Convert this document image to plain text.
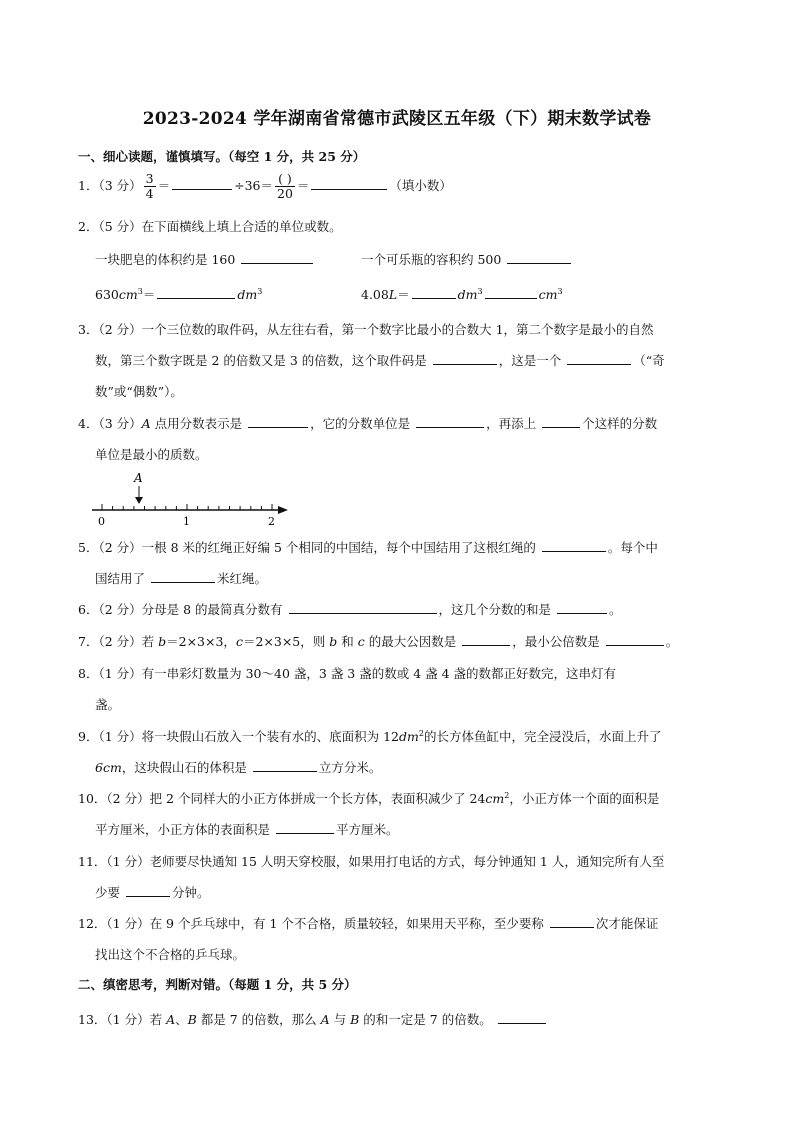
2023-2024 学年湖南省常德市武陵区五年级（下）期末数学试卷
一、细心读题，谨慎填写。（每空 1 分，共 25 分）
1．（3 分） $\frac{3}{4}$ ＝	$\div 36= \frac{( )}{20}$ ＝	（填小数）
2．（5 分）在下面横线上填上合适的单位或数。
一块肥皂的体积约是 160	一个可乐瓶的容积约 500
$630cm^3=$	$dm^3$	4.08L＝	$dm^3$	$cm^3$
3．（2 分）一个三位数的取件码，从左往右看，第一个数字比最小的合数大 1，第二个数字是最小的自然
数，第三个数字既是 2 的倍数又是 3 的倍数，这个取件码是	，这是一个	（“奇
数”或“偶数”）。
4．（3 分）A 点用分数表示是	，它的分数单位是	，再添上	个这样的分数
单位是最小的质数。
A
0	1	2
5．（2 分）一根 8 米的红绳正好编 5 个相同的中国结，每个中国结用了这根红绳的	。每个中
国结用了	米红绳。
6．（2 分）分母是 8 的最简真分数有	，这几个分数的和是	。
7．（2 分）若 b＝2×3×3，c＝2×3×5，则 b 和 c 的最大公因数是	，最小公倍数是	。
8．（1 分）有一串彩灯数量为 30～40 盏，3 盏 3 盏的数或 4 盏 4 盏的数都正好数完，这串灯有
盏。
9．（1 分）将一块假山石放入一个装有水的、底面积为 $12dm^2$的长方体鱼缸中，完全浸没后，水面上升了
6cm，这块假山石的体积是	立方分米。
10．（2 分）把 2 个同样大的小正方体拼成一个长方体，表面积减少了 $24cm^2$，小正方体一个面的面积是
平方厘米，小正方体的表面积是	平方厘米。
11．（1 分）老师要尽快通知 15 人明天穿校服，如果用打电话的方式，每分钟通知 1 人，通知完所有人至
少要	分钟。
12．（1 分）在 9 个乒乓球中，有 1 个不合格，质量较轻，如果用天平称，至少要称	次才能保证
找出这个不合格的乒乓球。
二、缜密思考，判断对错。（每题 1 分，共 5 分）
13．（1 分）若 A、B 都是 7 的倍数，那么 A 与 B 的和一定是 7 的倍数。
